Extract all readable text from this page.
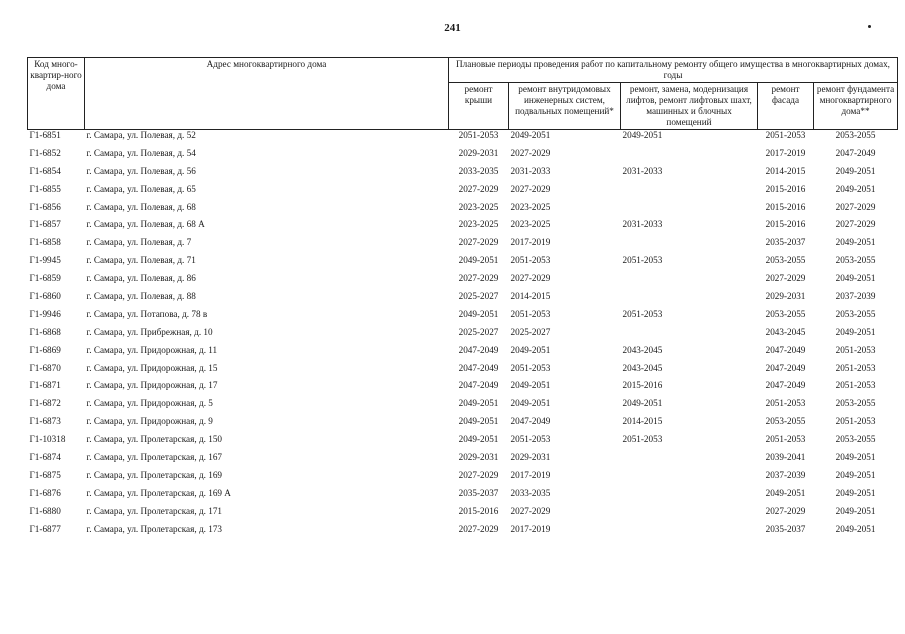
241
Код много-квартир-ного дома	Адрес многоквартирного дома	Плановые периоды проведения работ по капитальному ремонту общего имущества в многоквартирных домах, годы				
		ремонт крыши	ремонт внутридомовых инженерных систем, подвальных помещений*	ремонт, замена, модернизация лифтов, ремонт лифтовых шахт, машинных и блочных помещений	ремонт фасада	ремонт фундамента многоквартирного дома**
Г1-6851	г. Самара, ул. Полевая, д. 52	2051-2053	2049-2051	2049-2051	2051-2053	2053-2055
Г1-6852	г. Самара, ул. Полевая, д. 54	2029-2031	2027-2029		2017-2019	2047-2049
Г1-6854	г. Самара, ул. Полевая, д. 56	2033-2035	2031-2033	2031-2033	2014-2015	2049-2051
Г1-6855	г. Самара, ул. Полевая, д. 65	2027-2029	2027-2029		2015-2016	2049-2051
Г1-6856	г. Самара, ул. Полевая, д. 68	2023-2025	2023-2025		2015-2016	2027-2029
Г1-6857	г. Самара, ул. Полевая, д. 68 А	2023-2025	2023-2025	2031-2033	2015-2016	2027-2029
Г1-6858	г. Самара, ул. Полевая, д. 7	2027-2029	2017-2019		2035-2037	2049-2051
Г1-9945	г. Самара, ул. Полевая, д. 71	2049-2051	2051-2053	2051-2053	2053-2055	2053-2055
Г1-6859	г. Самара, ул. Полевая, д. 86	2027-2029	2027-2029		2027-2029	2049-2051
Г1-6860	г. Самара, ул. Полевая, д. 88	2025-2027	2014-2015		2029-2031	2037-2039
Г1-9946	г. Самара, ул. Потапова, д. 78 в	2049-2051	2051-2053	2051-2053	2053-2055	2053-2055
Г1-6868	г. Самара, ул. Прибрежная, д. 10	2025-2027	2025-2027		2043-2045	2049-2051
Г1-6869	г. Самара, ул. Придорожная, д. 11	2047-2049	2049-2051	2043-2045	2047-2049	2051-2053
Г1-6870	г. Самара, ул. Придорожная, д. 15	2047-2049	2051-2053	2043-2045	2047-2049	2051-2053
Г1-6871	г. Самара, ул. Придорожная, д. 17	2047-2049	2049-2051	2015-2016	2047-2049	2051-2053
Г1-6872	г. Самара, ул. Придорожная, д. 5	2049-2051	2049-2051	2049-2051	2051-2053	2053-2055
Г1-6873	г. Самара, ул. Придорожная, д. 9	2049-2051	2047-2049	2014-2015	2053-2055	2051-2053
Г1-10318	г. Самара, ул. Пролетарская, д. 150	2049-2051	2051-2053	2051-2053	2051-2053	2053-2055
Г1-6874	г. Самара, ул. Пролетарская, д. 167	2029-2031	2029-2031		2039-2041	2049-2051
Г1-6875	г. Самара, ул. Пролетарская, д. 169	2027-2029	2017-2019		2037-2039	2049-2051
Г1-6876	г. Самара, ул. Пролетарская, д. 169 А	2035-2037	2033-2035		2049-2051	2049-2051
Г1-6880	г. Самара, ул. Пролетарская, д. 171	2015-2016	2027-2029		2027-2029	2049-2051
Г1-6877	г. Самара, ул. Пролетарская, д. 173	2027-2029	2017-2019		2035-2037	2049-2051
